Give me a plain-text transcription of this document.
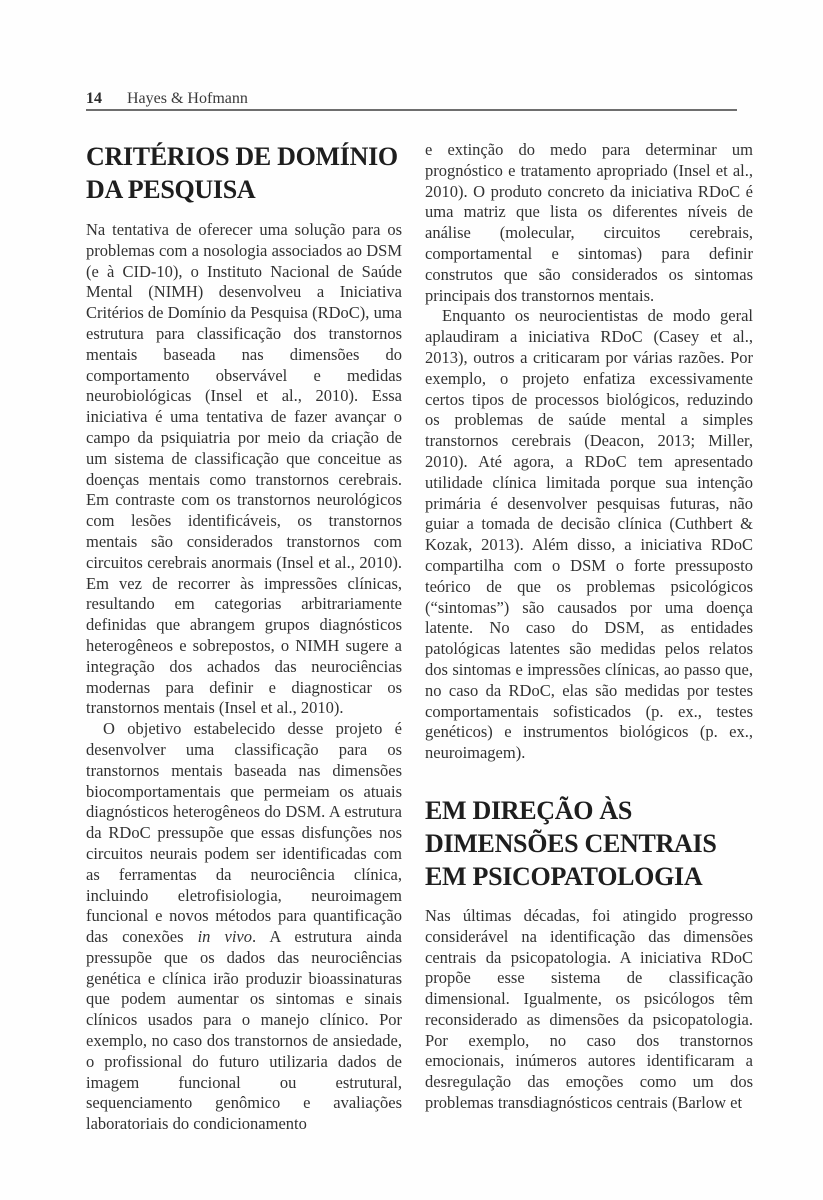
14 Hayes & Hofmann
CRITÉRIOS DE DOMÍNIO
DA PESQUISA

Na tentativa de oferecer uma solução para os problemas com a nosologia associados ao DSM (e à CID-10), o Instituto Nacional de Saúde Mental (NIMH) desenvolveu a Iniciativa Critérios de Domínio da Pesquisa (RDoC), uma estrutura para classificação dos transtornos mentais baseada nas dimensões do comportamento observável e medidas neurobiológicas (Insel et al., 2010). Essa iniciativa é uma tentativa de fazer avançar o campo da psiquiatria por meio da criação de um sistema de classificação que conceitue as doenças mentais como transtornos cerebrais. Em contraste com os transtornos neurológicos com lesões identificáveis, os transtornos mentais são considerados transtornos com circuitos cerebrais anormais (Insel et al., 2010). Em vez de recorrer às impressões clínicas, resultando em categorias arbitrariamente definidas que abrangem grupos diagnósticos heterogêneos e sobrepostos, o NIMH sugere a integração dos achados das neurociências modernas para definir e diagnosticar os transtornos mentais (Insel et al., 2010).

O objetivo estabelecido desse projeto é desenvolver uma classificação para os transtornos mentais baseada nas dimensões biocomportamentais que permeiam os atuais diagnósticos heterogêneos do DSM. A estrutura da RDoC pressupõe que essas disfunções nos circuitos neurais podem ser identificadas com as ferramentas da neurociência clínica, incluindo eletrofisiologia, neuroimagem funcional e novos métodos para quantificação das conexões in vivo. A estrutura ainda pressupõe que os dados das neurociências genética e clínica irão produzir bioassinaturas que podem aumentar os sintomas e sinais clínicos usados para o manejo clínico. Por exemplo, no caso dos transtornos de ansiedade, o profissional do futuro utilizaria dados de imagem funcional ou estrutural, sequenciamento genômico e avaliações laboratoriais do condicionamento

e extinção do medo para determinar um prognóstico e tratamento apropriado (Insel et al., 2010). O produto concreto da iniciativa RDoC é uma matriz que lista os diferentes níveis de análise (molecular, circuitos cerebrais, comportamental e sintomas) para definir construtos que são considerados os sintomas principais dos transtornos mentais.

Enquanto os neurocientistas de modo geral aplaudiram a iniciativa RDoC (Casey et al., 2013), outros a criticaram por várias razões. Por exemplo, o projeto enfatiza excessivamente certos tipos de processos biológicos, reduzindo os problemas de saúde mental a simples transtornos cerebrais (Deacon, 2013; Miller, 2010). Até agora, a RDoC tem apresentado utilidade clínica limitada porque sua intenção primária é desenvolver pesquisas futuras, não guiar a tomada de decisão clínica (Cuthbert & Kozak, 2013). Além disso, a iniciativa RDoC compartilha com o DSM o forte pressuposto teórico de que os problemas psicológicos (“sintomas”) são causados por uma doença latente. No caso do DSM, as entidades patológicas latentes são medidas pelos relatos dos sintomas e impressões clínicas, ao passo que, no caso da RDoC, elas são medidas por testes comportamentais sofisticados (p. ex., testes genéticos) e instrumentos biológicos (p. ex., neuroimagem).

EM DIREÇÃO ÀS
DIMENSÕES CENTRAIS
EM PSICOPATOLOGIA

Nas últimas décadas, foi atingido progresso considerável na identificação das dimensões centrais da psicopatologia. A iniciativa RDoC propõe esse sistema de classificação dimensional. Igualmente, os psicólogos têm reconsiderado as dimensões da psicopatologia. Por exemplo, no caso dos transtornos emocionais, inúmeros autores identificaram a desregulação das emoções como um dos problemas transdiagnósticos centrais (Barlow et
